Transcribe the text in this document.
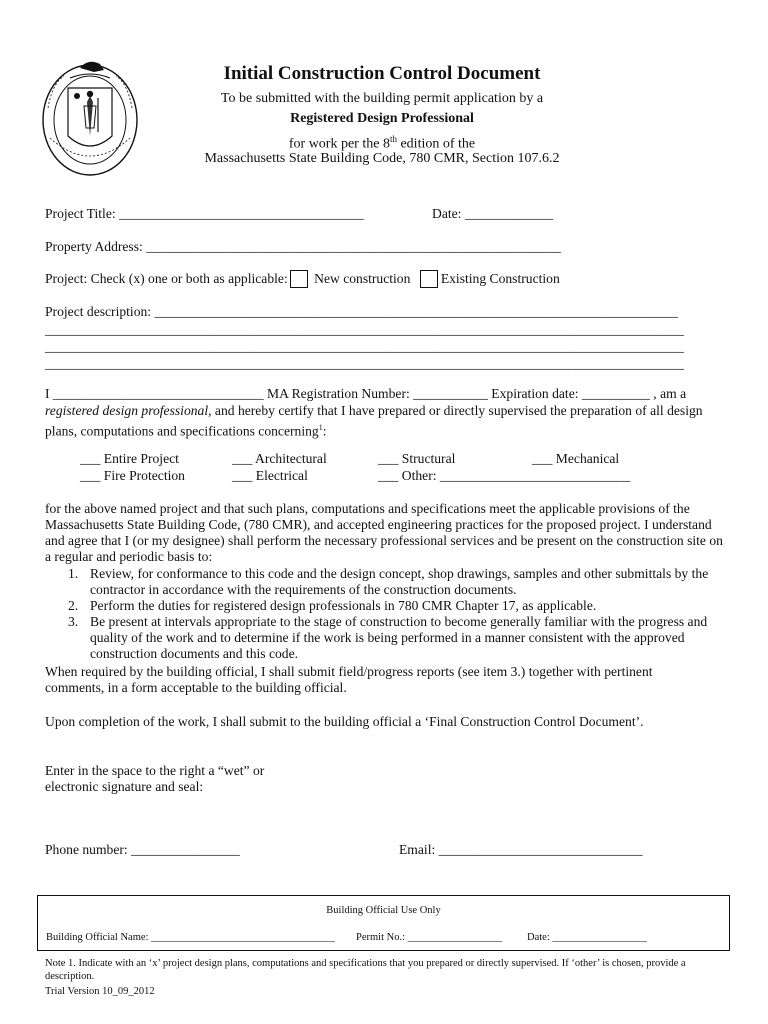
Initial Construction Control Document
To be submitted with the building permit application by a
Registered Design Professional
for work per the 8th edition of the
Massachusetts State Building Code, 780 CMR, Section 107.6.2
Project Title: ____________________________________	Date: _____________
Property Address: _____________________________________________________________
Project: Check (x) one or both as applicable: New construction Existing Construction
Project description: _____________________________________________________________________________
______________________________________________________________________________________________
______________________________________________________________________________________________
______________________________________________________________________________________________
I _______________________________ MA Registration Number: ___________ Expiration date: __________ , am a
registered design professional, and hereby certify that I have prepared or directly supervised the preparation of all design
plans, computations and specifications concerning$^1$:
___ Entire Project	___ Architectural	___ Structural	___ Mechanical
___ Fire Protection	___ Electrical	___ Other: ____________________________
for the above named project and that such plans, computations and specifications meet the applicable provisions of the Massachusetts State Building Code, (780 CMR), and accepted engineering practices for the proposed project. I understand and agree that I (or my designee) shall perform the necessary professional services and be present on the construction site on a regular and periodic basis to:
1. Review, for conformance to this code and the design concept, shop drawings, samples and other submittals by the contractor in accordance with the requirements of the construction documents.
2. Perform the duties for registered design professionals in 780 CMR Chapter 17, as applicable.
3. Be present at intervals appropriate to the stage of construction to become generally familiar with the progress and quality of the work and to determine if the work is being performed in a manner consistent with the approved construction documents and this code.
When required by the building official, I shall submit field/progress reports (see item 3.) together with pertinent comments, in a form acceptable to the building official.
Upon completion of the work, I shall submit to the building official a ‘Final Construction Control Document’.
Enter in the space to the right a “wet” or
electronic signature and seal:
Phone number: ________________	Email: ______________________________
Building Official Use Only
Building Official Name: ___________________________________ Permit No.: __________________ Date: __________________
Note 1. Indicate with an ‘x’ project design plans, computations and specifications that you prepared or directly supervised. If ‘other’ is chosen, provide a description.
Trial Version 10_09_2012
